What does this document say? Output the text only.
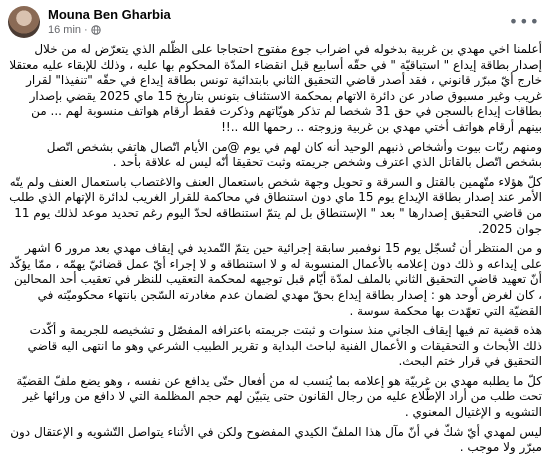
Mouna Ben Gharbia
16 min ·	•••

أعلمنا اخي مهدي بن غربية بدخوله في اضراب جوع مفتوح احتجاجا على الظّلم الذي يتعرّض له من خلال إصدار بطاقة إيداع " استباقيّة " في حقّه أسابيع قبل انقضاء المدّة المحكوم بها عليه ، وذلك للإبقاء عليه معتقلا خارج أيّ مبرّر قانوني ، فقد أصدر قاضي التحقيق الثاني بابتدائية تونس بطاقة إيداع في حقّه "تنفيذا" لقرار غريب وغير مسبوق صادر عن دائرة الاتهام بمحكمة الاستئناف بتونس بتاريخ 15 ماي 2025 يقضي بإصدار بطاقات إيداع بالسجن في حق 31 شخصا لم تذكر هويّاتهم وذكرت فقط أرقام هواتف منسوبة لهم ... من بينهم أرقام هواتف أختي مهدي بن غربية وزوجته .. رحمها الله ..!!

ومنهم ربّات بيوت وأشخاص ذنبهم الوحيد أنه كان لهم في يوم @من الأيام اتّصال هاتفي بشخص اتّصل بشخص اتّصل بالقاتل الذي اعترف وشخص جريمته وثبت تحقيقا أنّه ليس له علاقة بأحد .

كلّ هؤلاء متّهمين بالقتل و السرقة و تحويل وجهة شخص باستعمال العنف والاغتصاب باستعمال العنف ولم يتّه الأمر عند إصدار بطاقة الإيداع يوم 15 ماي دون استنطاق في محاكمة للقرار الغريب لدائرة الإتهام الذي طلب من قاضي التحقيق إصدارها " بعد " الإستنطاق بل لم يتمّ استنطاقه لحدّ اليوم رغم تحديد موعد لذلك يوم 11 جوان 2025.

و من المنتظر أن تُسجّل يوم 15 نوفمبر سابقة إجرائية حين يتمّ التّمديد في إيقاف مهدي بعد مرور 6 اشهر على إيداعه و ذلك دون إعلامه بالأعمال المنسوبة له و لا استنطاقه و لا إجراء أيّ عمل قضائيّ يهمّه ، ممّا يؤكّد أنّ تعهيد قاضي التحقيق الثاني بالملف لمدّة أيّام قبل توجيهه لمحكمة التعقيب للنظر في تعقيب أحد المحالين ، كان لغرض أوحد هو : إصدار بطاقة إيداع بحقّ مهدي لضمان عدم مغادرته السّجن بانتهاء محكوميّته في القضيّة التي تعهّدت بها محكمة سوسة .

هذه قضية تم فيها إيقاف الجاني منذ سنوات و ثبتت جريمته باعترافه المفصّل و تشخيصه للجريمة و أكّدت ذلك الأبحاث و التحقيقات و الأعمال الفنية لباحث البداية و تقرير الطبيب الشرعي وهو ما انتهى اليه قاضي التحقيق في قرار ختم البحث.

كلّ ما يطلبه مهدي بن غربيّة هو إعلامه بما يُنسب له من أفعال حتّى يدافع عن نفسه ، وهو يضع ملفّ القضيّة تحت طلب من أراد الإطّلاع عليه من رجال القانون حتى يتبيّن لهم حجم المظلمة التي لا دافع من ورائها غير التشويه و الإغتيال المعنوي .

ليس لمهدي أيّ شكّ في أنّ مآل هذا الملفّ الكيدي المفضوح ولكن في الأثناء يتواصل التّشويه و الإعتقال دون مبرّر ولا موجب .
